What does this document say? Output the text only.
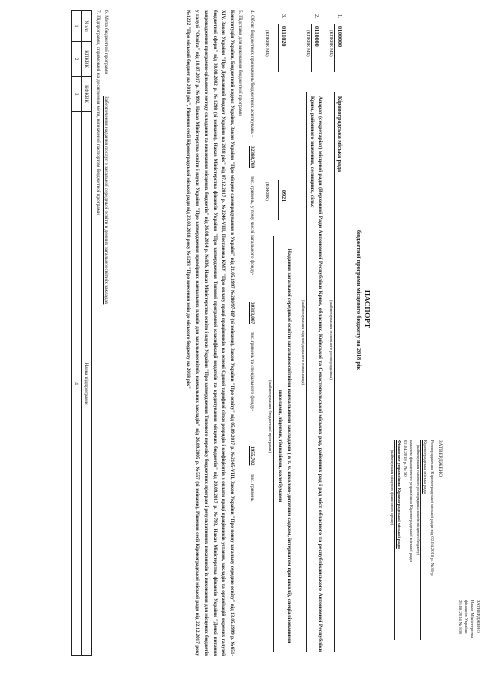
ЗАТВЕРДЖЕНО
Наказ Міністерства
фінансів України
26.08.2014 № 836
ЗАТВЕРДЖЕНО
Розпорядження Кіровоградської міської ради від 02.04.2018 р. №36-р
Кіровоградська міська рада
(найменування головного розпорядника коштів місцевого бюджету)
наказом фінансового управління Кіровоградської міської ради
02.04.2018 р. № 50
Фінансове управління Кіровоградської міської ради
(найменування місцевого фінансового органу)
ПАСПОРТ
бюджетної програми місцевого бюджету на 2018 рік
1.
0100000
(КПКВК МБ)
Кіровоградська міська рада
(найменування головного розпорядника)
2.
0110000
(КПКВК МБ)
Апарат (секретаріат) місцевої ради (Верховної Ради Автономної Республіки Крим, обласних, Київської та Севастопольської міських рад, районних рад і рад міст обласного та республіканського Автономної Республіки Крим, районного значення, селищних, сільс
(найменування відповідального виконавця)
3.
0111020
(КПКВК МБ)
0921
(КФКВК)
Надання загальної середньої освіти загальноосвітніми навчальними закладами ( в т. ч. школою-дитячим садком, інтернатом при школі), спеціалізованими школами, ліцеями, гімназіями, колегіумами
(найменування бюджетної програми)
4. Обсяг бюджетних призначень/бюджетних асигнувань -
32368,769
тис. гривень, у тому числі загального фонду-
30313,067
тис.гривень та спеціального фонду-
1955,702
тис. гривень
5. Підстави для виконання бюджетної програми
Конституція України, Бюджетний кодекс України, Закон України "Про місцеве самоврядування в Україні" від 21.05.1997 №280/97-ВР (зі змінами), Закон України "Про освіту" від 05.09.2017 р. №2145-VIII, Закон України "Про повну загальну середню освіту" від 13.05.1999 р. №651-XIV, Закон України "Про Державний бюджет України на 2018 рік" від 07.12.2017 р. №2246-VIII, Постанова КМУ "Про оплату праці працівників на основі Єдиної тарифної сітки розрядів і коефіцієнтів з оплати праці працівників установ, закладів та організацій окремих галузей бюджетної сфери" від 30.08.2002 р. №1298 (зі змінами), Наказ Міністерства фінансів України "Про затвердження Типової програмної класифікації видатків та кредитування місцевих бюджетів" від 20.09.2017 р. №793, Наказ Міністерства фінансів України "Деякі питання запровадження програмно-цільового методу складання та виконання місцевих бюджетів" від 26.08.2014 р. №836, Наказ Міністерства освіти і науки України "Про затвердження Типового переліку бюджетних програм і результативних показників їх виконання для місцевих бюджетів у галузі "Освіта" від 10.07.2017 р. №992, Наказ Міністерства освіти і науки України "Про затвердження примірних навчальних планів для загальноосвітніх навчальних закладів" від 26.09.2005 р. №557 (зі змінами), Рішення сесії Кіровоградської міської ради від 22.12.2017 року №1222 "Про міський бюджет на 2018 рік", Рішення сесії Кіровоградської міської ради від 23.03.2018 року №1293 "Про внесення змін до міського бюджету на 2018 рік"
6. Мета бюджетної програми
Забезпечення надання послуг з загальної середньої освіти в денних загальноосвітніх закладах
7. Підпрограми, спрямовані на досягнення мети, визначеної паспортом бюджетної програми
N з/п	КПКВК	КФКВК	Назва підпрограми
1	2	3	4
